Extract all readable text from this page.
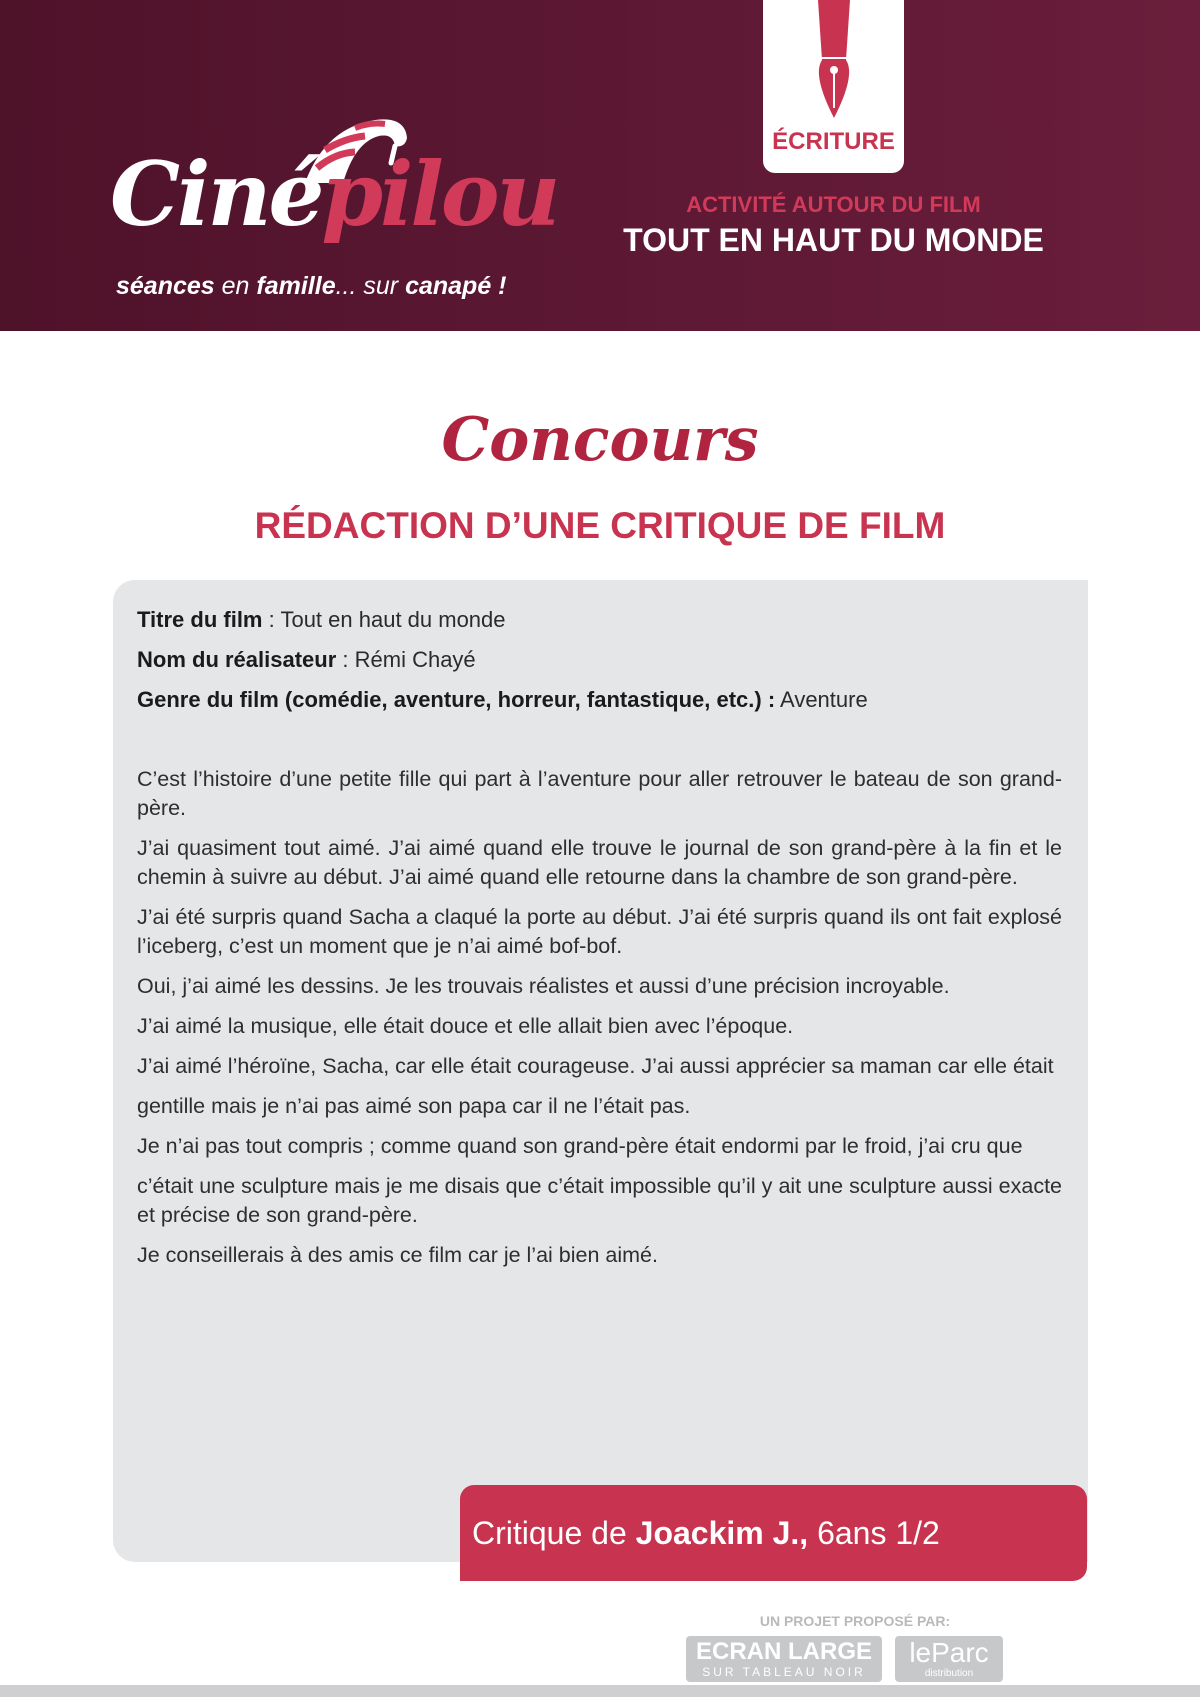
Cinépilou
séances en famille... sur canapé !
ÉCRITURE
ACTIVITÉ AUTOUR DU FILM
TOUT EN HAUT DU MONDE
Concours
RÉDACTION D’UNE CRITIQUE DE FILM
Titre du film : Tout en haut du monde
Nom du réalisateur : Rémi Chayé
Genre du film (comédie, aventure, horreur, fantastique, etc.) : Aventure

C’est l’histoire d’une petite fille qui part à l’aventure pour aller retrouver le bateau de son grand- père.

J’ai quasiment tout aimé. J’ai aimé quand elle trouve le journal de son grand-père à la fin et le chemin à suivre au début. J’ai aimé quand elle retourne dans la chambre de son grand-père.

J’ai été surpris quand Sacha a claqué la porte au début. J’ai été surpris quand ils ont fait explosé l’iceberg, c’est un moment que je n’ai aimé bof-bof.

Oui, j’ai aimé les dessins. Je les trouvais réalistes et aussi d’une précision incroyable.

J’ai aimé la musique, elle était douce et elle allait bien avec l’époque.

J’ai aimé l’héroïne, Sacha, car elle était courageuse. J’ai aussi apprécier sa maman car elle était

gentille mais je n’ai pas aimé son papa car il ne l’était pas.

Je n’ai pas tout compris ; comme quand son grand-père était endormi par le froid, j’ai cru que

c’était une sculpture mais je me disais que c’était impossible qu’il y ait une sculpture aussi exacte et précise de son grand-père.

Je conseillerais à des amis ce film car je l’ai bien aimé.

Critique de Joackim J., 6ans 1/2
UN PROJET PROPOSÉ PAR:
ECRAN LARGE
SUR TABLEAU NOIR
leParc
distribution
